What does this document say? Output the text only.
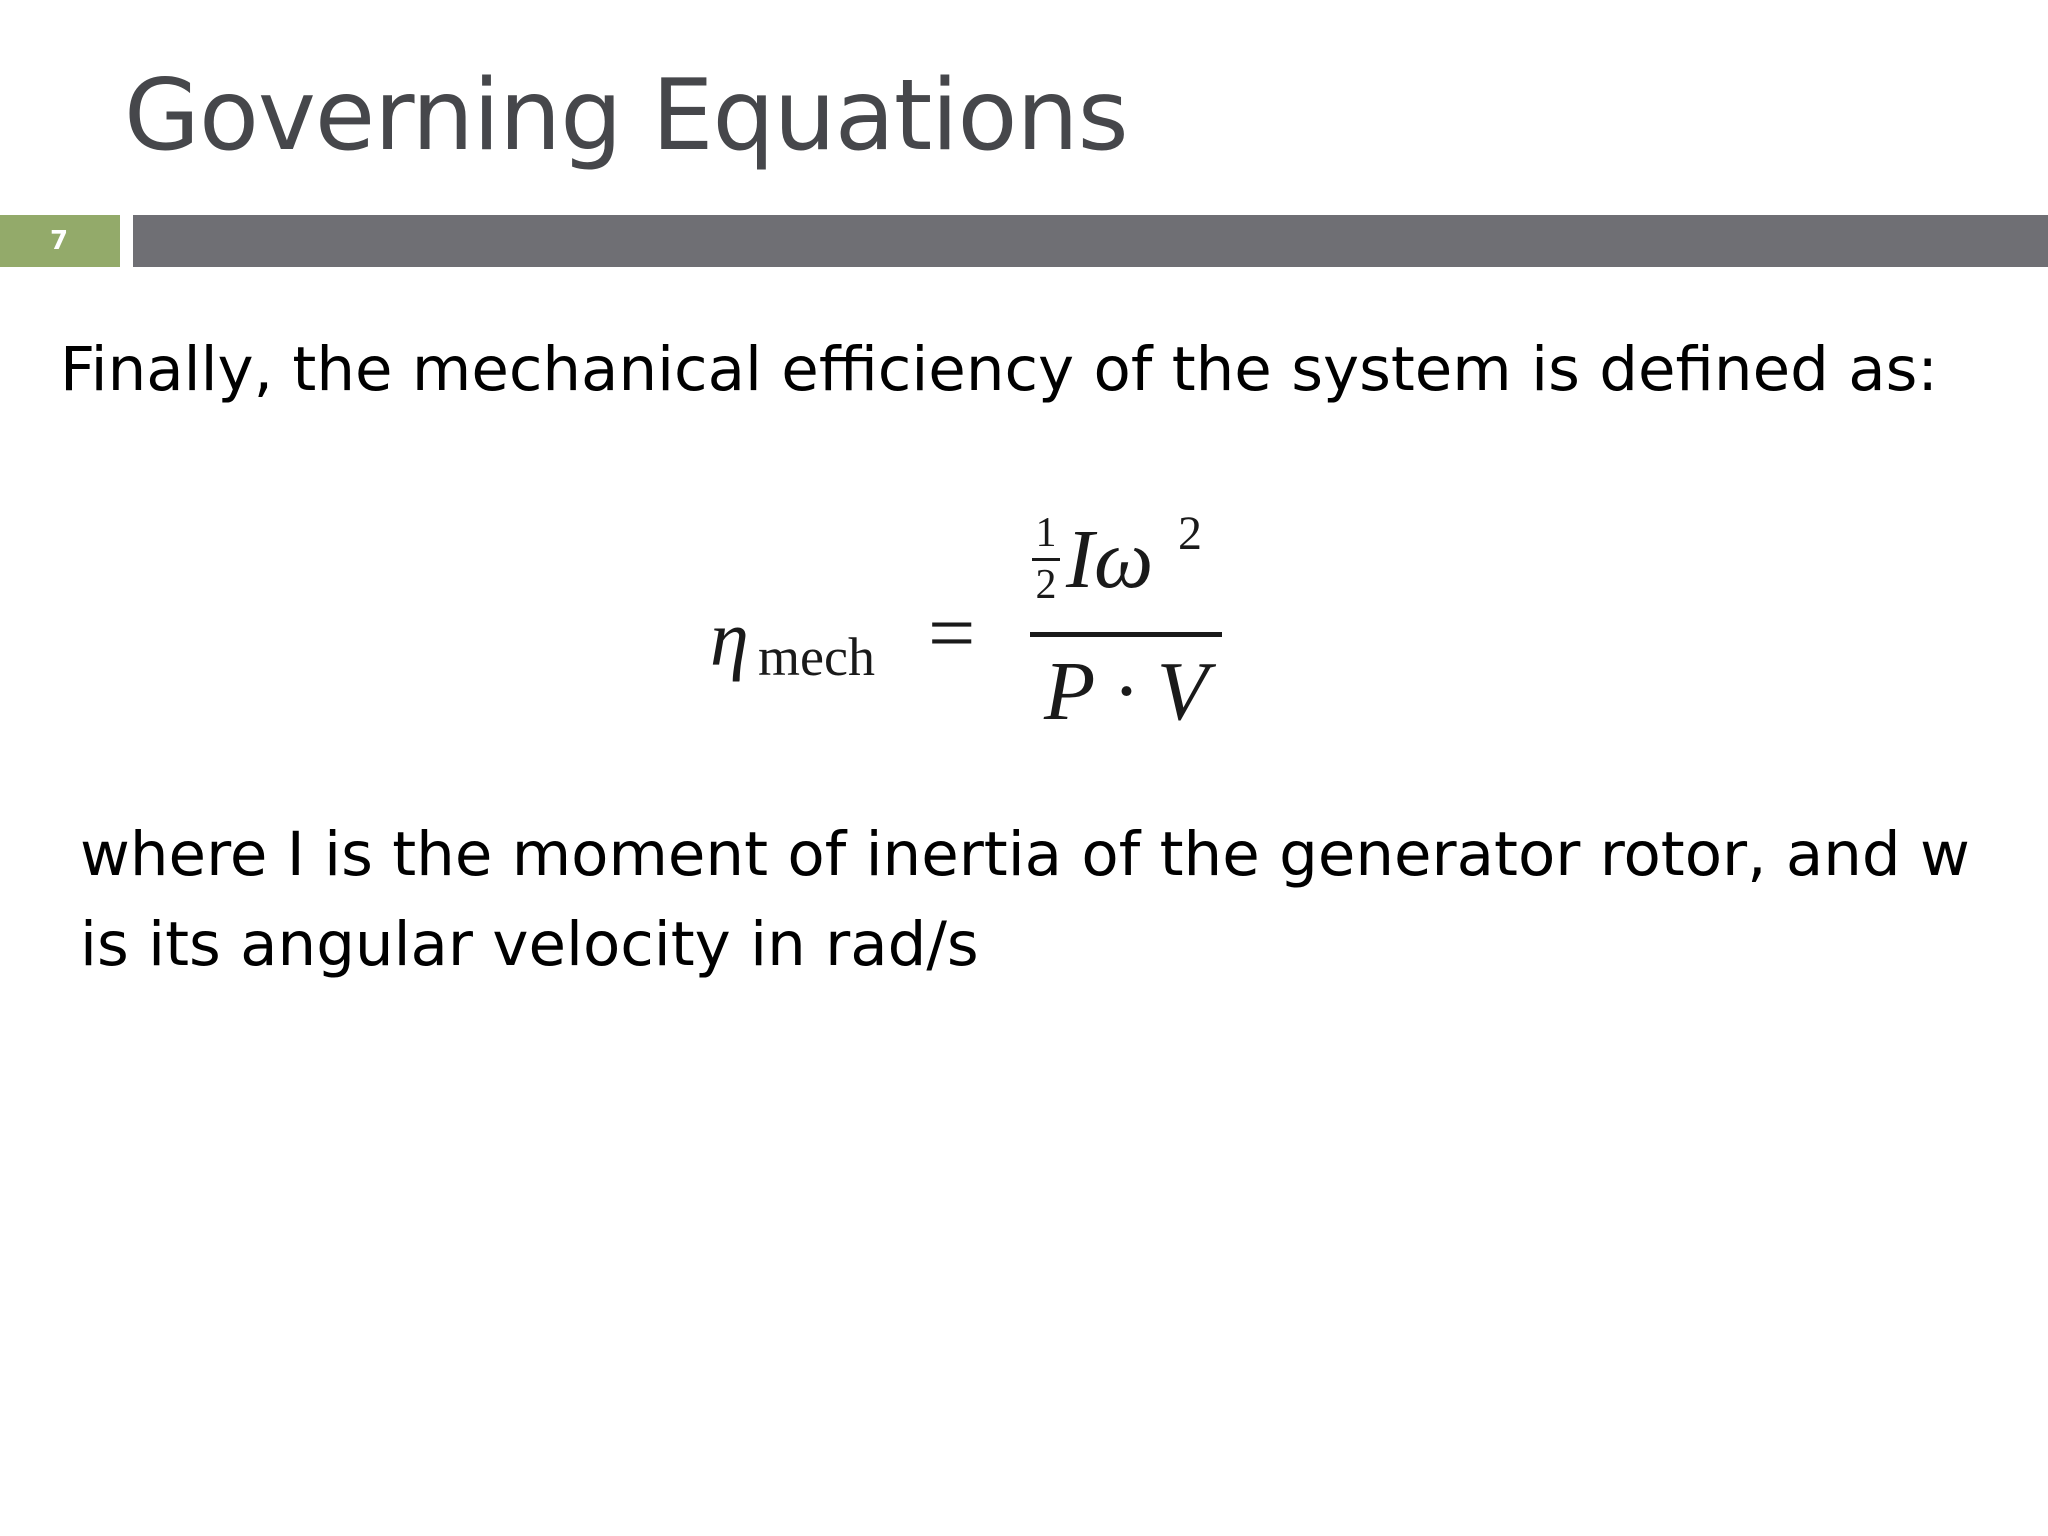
Governing Equations
7
Finally, the mechanical efficiency of the system is defined as:
η mech =
1
2 Iω 2
P · V
where I is the moment of inertia of the generator rotor, and w
is its angular velocity in rad/s
